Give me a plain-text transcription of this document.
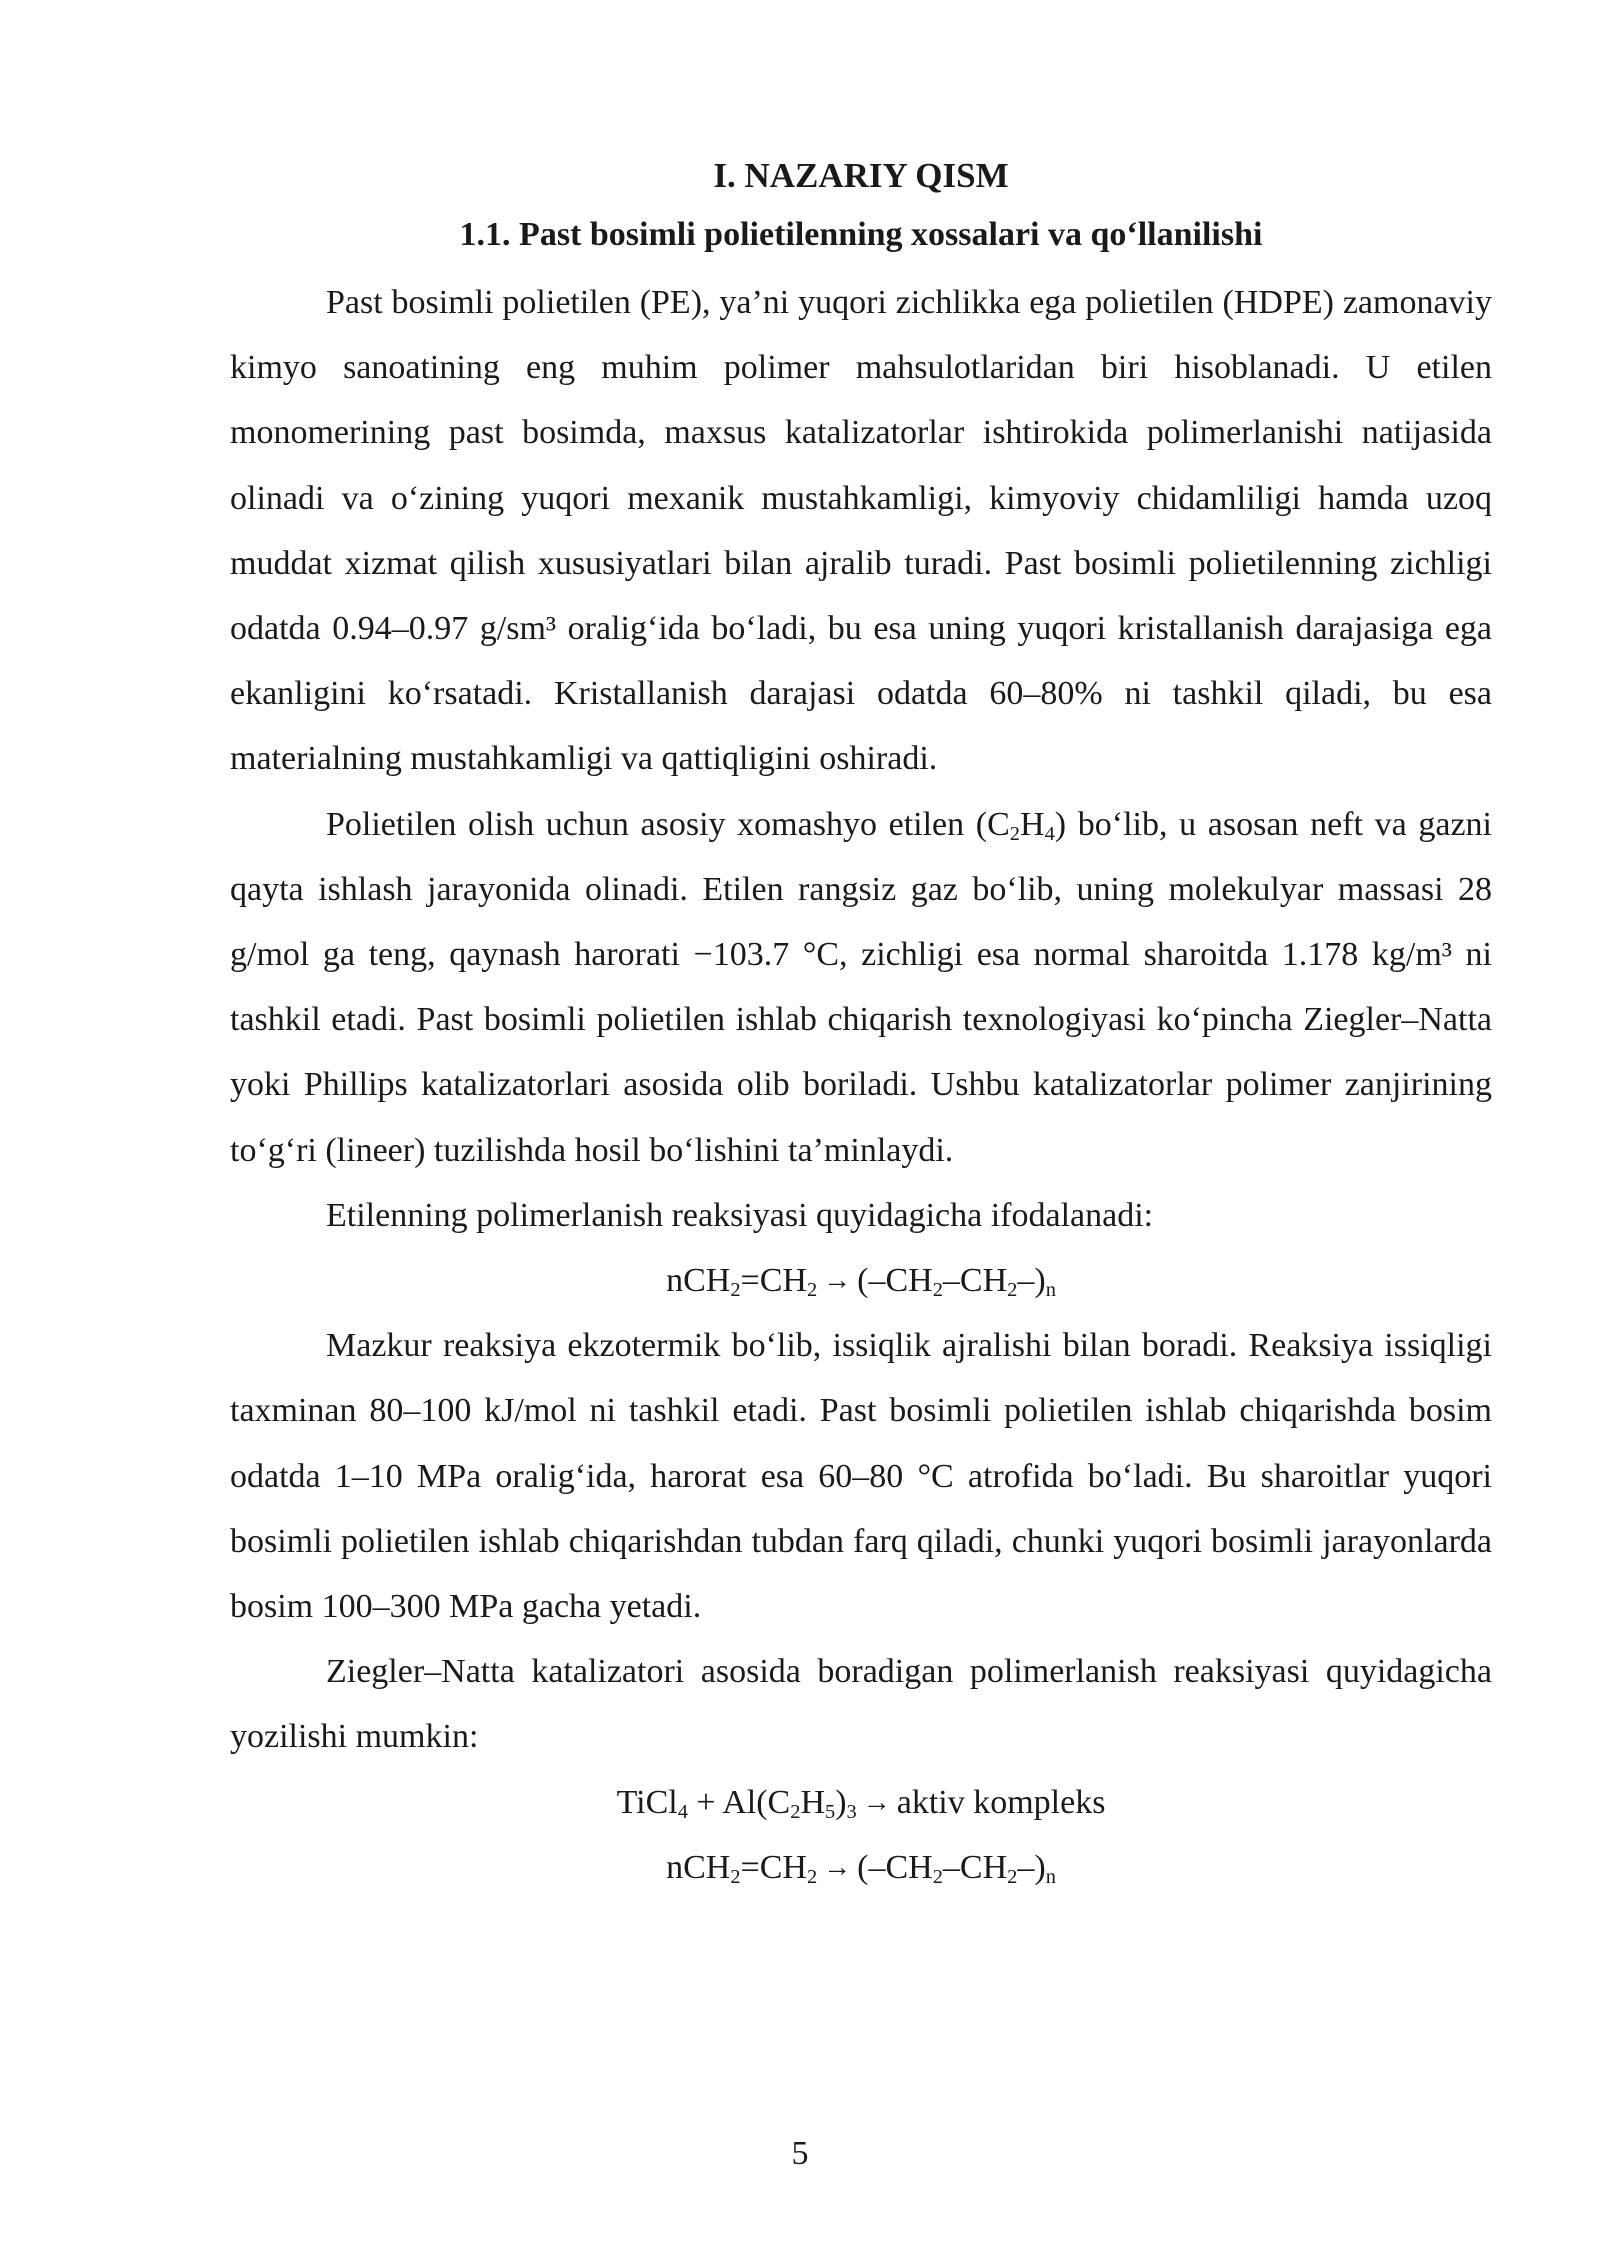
I. NAZARIY QISM
1.1. Past bosimli polietilenning xossalari va qo‘llanilishi

Past bosimli polietilen (PE), ya’ni yuqori zichlikka ega polietilen (HDPE) zamonaviy kimyo sanoatining eng muhim polimer mahsulotlaridan biri hisoblanadi. U etilen monomerining past bosimda, maxsus katalizatorlar ishtirokida polimerlanishi natijasida olinadi va o‘zining yuqori mexanik mustahkamligi, kimyoviy chidamliligi hamda uzoq muddat xizmat qilish xususiyatlari bilan ajralib turadi. Past bosimli polietilenning zichligi odatda 0.94–0.97 g/sm³ oralig‘ida bo‘ladi, bu esa uning yuqori kristallanish darajasiga ega ekanligini ko‘rsatadi. Kristallanish darajasi odatda 60–80% ni tashkil qiladi, bu esa materialning mustahkamligi va qattiqligini oshiradi.

Polietilen olish uchun asosiy xomashyo etilen $(C_2H_4)$ bo‘lib, u asosan neft va gazni qayta ishlash jarayonida olinadi. Etilen rangsiz gaz bo‘lib, uning molekulyar massasi 28 g/mol ga teng, qaynash harorati −103.7 °C, zichligi esa normal sharoitda 1.178 kg/m³ ni tashkil etadi. Past bosimli polietilen ishlab chiqarish texnologiyasi ko‘pincha Ziegler–Natta yoki Phillips katalizatorlari asosida olib boriladi. Ushbu katalizatorlar polimer zanjirining to‘g‘ri (lineer) tuzilishda hosil bo‘lishini ta’minlaydi.

Etilenning polimerlanish reaksiyasi quyidagicha ifodalanadi:

$nCH_2=CH_2 \to (-CH_2-CH_2-)_n$

Mazkur reaksiya ekzotermik bo‘lib, issiqlik ajralishi bilan boradi. Reaksiya issiqligi taxminan 80–100 kJ/mol ni tashkil etadi. Past bosimli polietilen ishlab chiqarishda bosim odatda 1–10 MPa oralig‘ida, harorat esa 60–80 °C atrofida bo‘ladi. Bu sharoitlar yuqori bosimli polietilen ishlab chiqarishdan tubdan farq qiladi, chunki yuqori bosimli jarayonlarda bosim 100–300 MPa gacha yetadi.

Ziegler–Natta katalizatori asosida boradigan polimerlanish reaksiyasi quyidagicha yozilishi mumkin:

TiCl$_4$ + $Al(C_2H_5)_3$ → aktiv kompleks
$nCH_2=CH_2 \to (-CH_2-CH_2-)_n$
5
